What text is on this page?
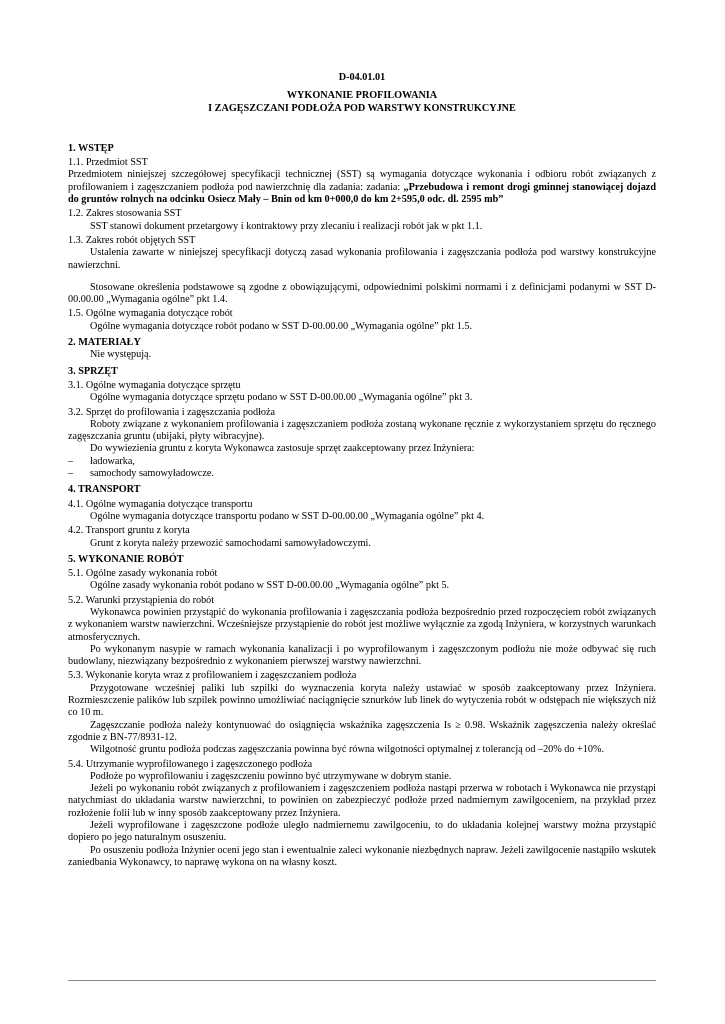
D-04.01.01
WYKONANIE PROFILOWANIA
I ZAGĘSZCZANI PODŁOŻA POD WARSTWY KONSTRUKCYJNE
1. WSTĘP
1.1. Przedmiot SST

Przedmiotem niniejszej szczegółowej specyfikacji technicznej (SST) są wymagania dotyczące wykonania i odbioru robót związanych z profilowaniem i zagęszczaniem podłoża pod nawierzchnię dla zadania: zadania: „Przebudowa i remont drogi gminnej stanowiącej dojazd do gruntów rolnych na odcinku Osiecz Mały – Bnin od km 0+000,0 do km 2+595,0 odc. dl. 2595 mb”

1.2. Zakres stosowania SST

SST stanowi dokument przetargowy i kontraktowy przy zlecaniu i realizacji robót jak w pkt 1.1.

1.3. Zakres robót objętych SST

Ustalenia zawarte w niniejszej specyfikacji dotyczą zasad wykonania profilowania i zagęszczania podłoża pod warstwy konstrukcyjne nawierzchni.

Stosowane określenia podstawowe są zgodne z obowiązującymi, odpowiednimi polskimi normami i z definicjami podanymi w SST D-00.00.00 „Wymagania ogólne” pkt 1.4.

1.5. Ogólne wymagania dotyczące robót

Ogólne wymagania dotyczące robót podano w SST D-00.00.00 „Wymagania ogólne” pkt 1.5.

2. MATERIAŁY

Nie występują.

3. SPRZĘT
3.1. Ogólne wymagania dotyczące sprzętu

Ogólne wymagania dotyczące sprzętu podano w SST D-00.00.00 „Wymagania ogólne” pkt 3.

3.2. Sprzęt do profilowania i zagęszczania podłoża

Roboty związane z wykonaniem profilowania i zagęszczaniem podłoża zostaną wykonane ręcznie z wykorzystaniem sprzętu do ręcznego zagęszczania gruntu (ubijaki, płyty wibracyjne).

Do wywiezienia gruntu z koryta Wykonawca zastosuje sprzęt zaakceptowany przez Inżyniera:

–	ładowarka,
–	samochody samowyładowcze.
4. TRANSPORT
4.1. Ogólne wymagania dotyczące transportu

Ogólne wymagania dotyczące transportu podano w SST D-00.00.00 „Wymagania ogólne” pkt 4.

4.2. Transport gruntu z koryta

Grunt z koryta należy przewozić samochodami samowyładowczymi.

5. WYKONANIE ROBÓT
5.1. Ogólne zasady wykonania robót

Ogólne zasady wykonania robót podano w SST D-00.00.00 „Wymagania ogólne” pkt 5.

5.2. Warunki przystąpienia do robót

Wykonawca powinien przystąpić do wykonania profilowania i zagęszczania podłoża bezpośrednio przed rozpoczęciem robót związanych z wykonaniem warstw nawierzchni. Wcześniejsze przystąpienie do robót jest możliwe wyłącznie za zgodą Inżyniera, w korzystnych warunkach atmosferycznych.

Po wykonanym nasypie w ramach wykonania kanalizacji i po wyprofilowanym i zagęszczonym podłożu nie może odbywać się ruch budowlany, niezwiązany bezpośrednio z wykonaniem pierwszej warstwy nawierzchni.

5.3. Wykonanie koryta wraz z profilowaniem i zagęszczaniem podłoża

Przygotowane wcześniej paliki lub szpilki do wyznaczenia koryta należy ustawiać w sposób zaakceptowany przez Inżyniera. Rozmieszczenie palików lub szpilek powinno umożliwiać naciągnięcie sznurków lub linek do wytyczenia robót w odstępach nie większych niż co 10 m.

Zagęszczanie podłoża należy kontynuować do osiągnięcia wskaźnika zagęszczenia Is ≥ 0.98. Wskaźnik zagęszczenia należy określać zgodnie z BN-77/8931-12.

Wilgotność gruntu podłoża podczas zagęszczania powinna być równa wilgotności optymalnej z tolerancją od –20% do +10%.

5.4. Utrzymanie wyprofilowanego i zagęszczonego podłoża

Podłoże po wyprofilowaniu i zagęszczeniu powinno być utrzymywane w dobrym stanie.

Jeżeli po wykonaniu robót związanych z profilowaniem i zagęszczeniem podłoża nastąpi przerwa w robotach i Wykonawca nie przystąpi natychmiast do układania warstw nawierzchni, to powinien on zabezpieczyć podłoże przed nadmiernym zawilgoceniem, na przykład przez rozłożenie folii lub w inny sposób zaakceptowany przez Inżyniera.

Jeżeli wyprofilowane i zagęszczone podłoże uległo nadmiernemu zawilgoceniu, to do układania kolejnej warstwy można przystąpić dopiero po jego naturalnym osuszeniu.

Po osuszeniu podłoża Inżynier oceni jego stan i ewentualnie zaleci wykonanie niezbędnych napraw. Jeżeli zawilgocenie nastąpiło wskutek zaniedbania Wykonawcy, to naprawę wykona on na własny koszt.
